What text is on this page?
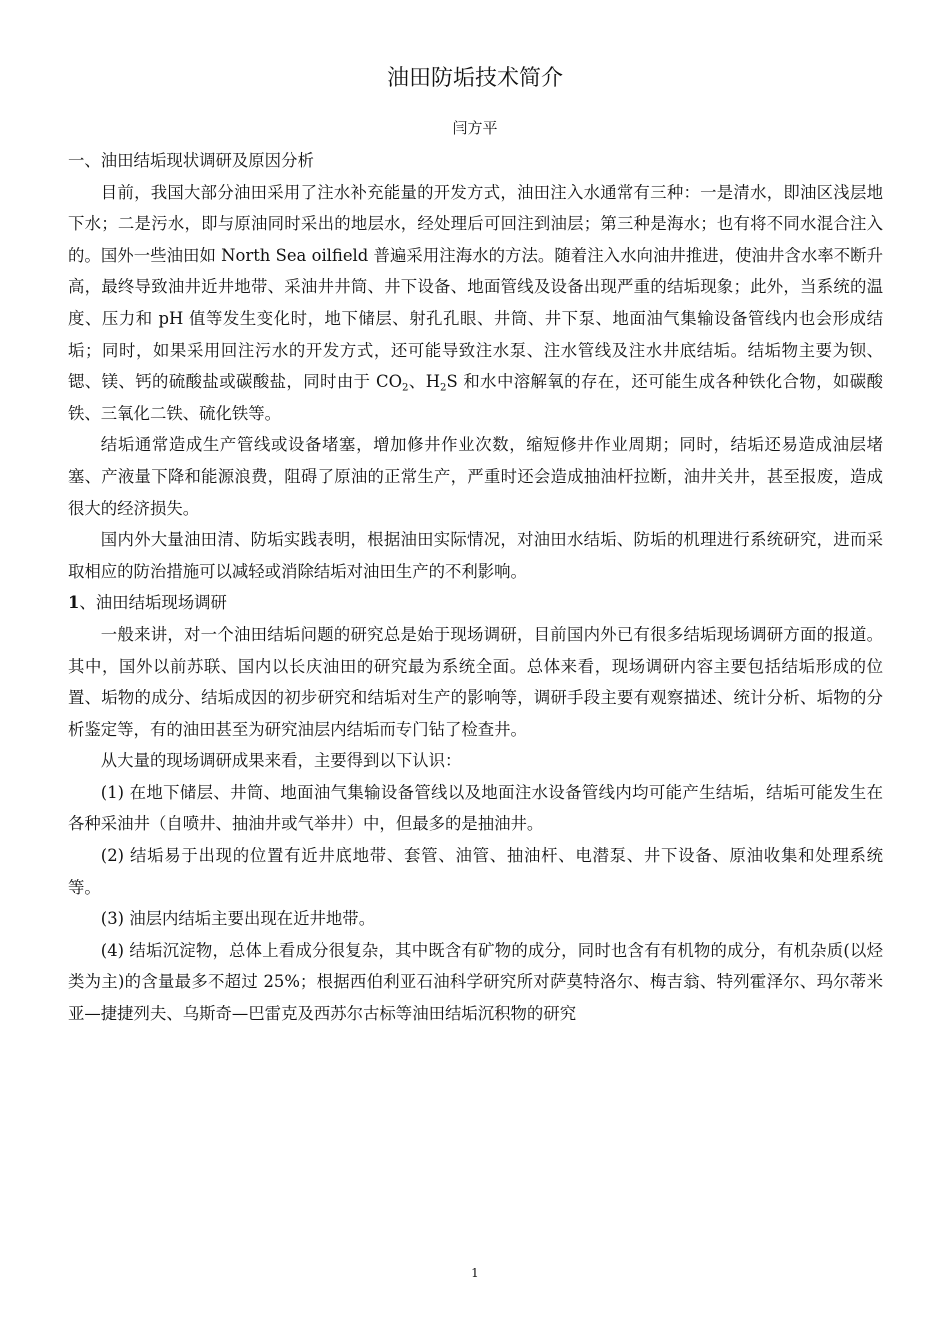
油田防垢技术简介
闫方平

一、油田结垢现状调研及原因分析

目前，我国大部分油田采用了注水补充能量的开发方式，油田注入水通常有三种：一是清水，即油区浅层地下水；二是污水，即与原油同时采出的地层水，经处理后可回注到油层；第三种是海水；也有将不同水混合注入的。国外一些油田如 North Sea oilfield 普遍采用注海水的方法。随着注入水向油井推进，使油井含水率不断升高，最终导致油井近井地带、采油井井筒、井下设备、地面管线及设备出现严重的结垢现象；此外，当系统的温度、压力和 pH 值等发生变化时，地下储层、射孔孔眼、井筒、井下泵、地面油气集输设备管线内也会形成结垢；同时，如果采用回注污水的开发方式，还可能导致注水泵、注水管线及注水井底结垢。结垢物主要为钡、锶、镁、钙的硫酸盐或碳酸盐，同时由于 $CO_2$、$H_2S$ 和水中溶解氧的存在，还可能生成各种铁化合物，如碳酸铁、三氧化二铁、硫化铁等。

结垢通常造成生产管线或设备堵塞，增加修井作业次数，缩短修井作业周期；同时，结垢还易造成油层堵塞、产液量下降和能源浪费，阻碍了原油的正常生产，严重时还会造成抽油杆拉断，油井关井，甚至报废，造成很大的经济损失。

国内外大量油田清、防垢实践表明，根据油田实际情况，对油田水结垢、防垢的机理进行系统研究，进而采取相应的防治措施可以减轻或消除结垢对油田生产的不利影响。

1、油田结垢现场调研

一般来讲，对一个油田结垢问题的研究总是始于现场调研，目前国内外已有很多结垢现场调研方面的报道。其中，国外以前苏联、国内以长庆油田的研究最为系统全面。总体来看，现场调研内容主要包括结垢形成的位置、垢物的成分、结垢成因的初步研究和结垢对生产的影响等，调研手段主要有观察描述、统计分析、垢物的分析鉴定等，有的油田甚至为研究油层内结垢而专门钻了检查井。

从大量的现场调研成果来看，主要得到以下认识：

(1) 在地下储层、井筒、地面油气集输设备管线以及地面注水设备管线内均可能产生结垢，结垢可能发生在各种采油井（自喷井、抽油井或气举井）中，但最多的是抽油井。

(2) 结垢易于出现的位置有近井底地带、套管、油管、抽油杆、电潜泵、井下设备、原油收集和处理系统等。

(3) 油层内结垢主要出现在近井地带。

(4) 结垢沉淀物，总体上看成分很复杂，其中既含有矿物的成分，同时也含有有机物的成分，有机杂质(以烃类为主)的含量最多不超过 25%；根据西伯利亚石油科学研究所对萨莫特洛尔、梅吉翁、特列霍泽尔、玛尔蒂米亚—捷捷列夫、乌斯奇—巴雷克及西苏尔古标等油田结垢沉积物的研究

1
